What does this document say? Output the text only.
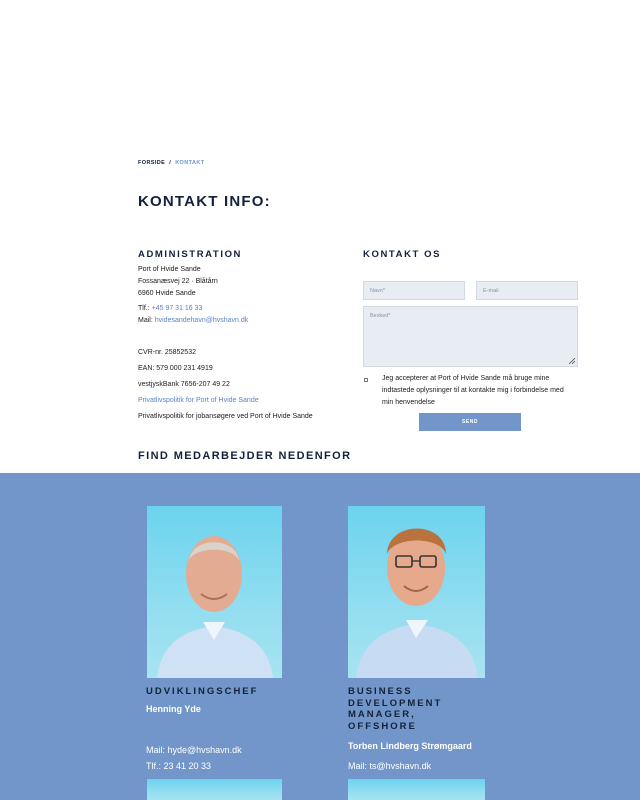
FORSIDE / KONTAKT
KONTAKT INFO:
ADMINISTRATION
Port of Hvide Sande
Fossanæsvej 22 · Blåtårn
6960 Hvide Sande
Tlf.: +45 97 31 16 33
Mail: hvidesandehavn@hvshavn.dk
CVR-nr. 25852532
EAN: 579 000 231 4919
vestjyskBank 7656-207 49 22
Privatlivspolitik for Port of Hvide Sande
Privatlivspolitik for jobansøgere ved Port of Hvide Sande
KONTAKT OS
Navn*	E-mail
Besked*
Jeg accepterer at Port of Hvide Sande må bruge mine
indtastede oplysninger til at kontakte mig i forbindelse med
min henvendelse
SEND
FIND MEDARBEJDER NEDENFOR
UDVIKLINGSCHEF
Henning Yde
Mail: hyde@hvshavn.dk
Tlf.: 23 41 20 33
BUSINESS
DEVELOPMENT
MANAGER,
OFFSHORE
Torben Lindberg Strømgaard
Mail: ts@hvshavn.dk
